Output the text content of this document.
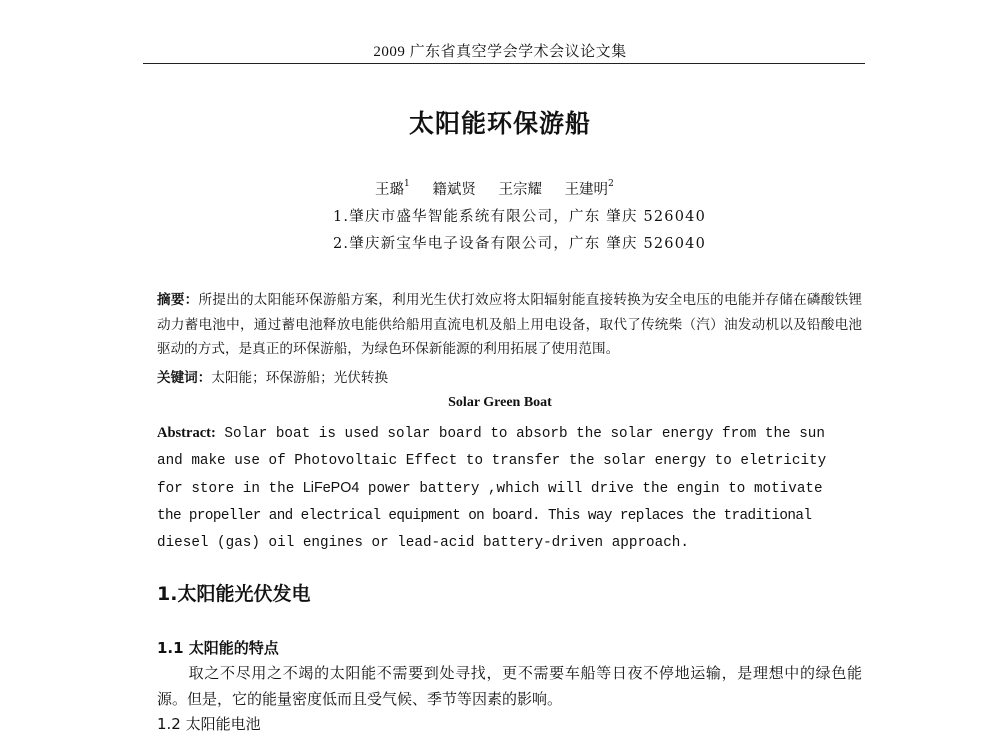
2009 广东省真空学会学术会议论文集
太阳能环保游船
王璐$^1$ 籍斌贤 王宗耀 王建明$^2$
1.肇庆市盛华智能系统有限公司，广东 肇庆 526040
2.肇庆新宝华电子设备有限公司，广东 肇庆 526040
摘要：所提出的太阳能环保游船方案，利用光生伏打效应将太阳辐射能直接转换为安全电压的电能并存储在磷酸铁锂动力蓄电池中，通过蓄电池释放电能供给船用直流电机及船上用电设备，取代了传统柴（汽）油发动机以及铅酸电池驱动的方式，是真正的环保游船，为绿色环保新能源的利用拓展了使用范围。
关键词：太阳能；环保游船；光伏转换
Solar Green Boat
Abstract: Solar boat is used solar board to absorb the solar energy from the sun
and make use of Photovoltaic Effect to transfer the solar energy to eletricity
for store in the LiFePO4 power battery ,which will drive the engin to motivate
the propeller and electrical equipment on board. This way replaces the traditional
diesel (gas) oil engines or lead-acid battery-driven approach.
1.太阳能光伏发电
1.1 太阳能的特点
取之不尽用之不竭的太阳能不需要到处寻找，更不需要车船等日夜不停地运输，是理想中的绿色能源。但是，它的能量密度低而且受气候、季节等因素的影响。
1.2 太阳能电池
